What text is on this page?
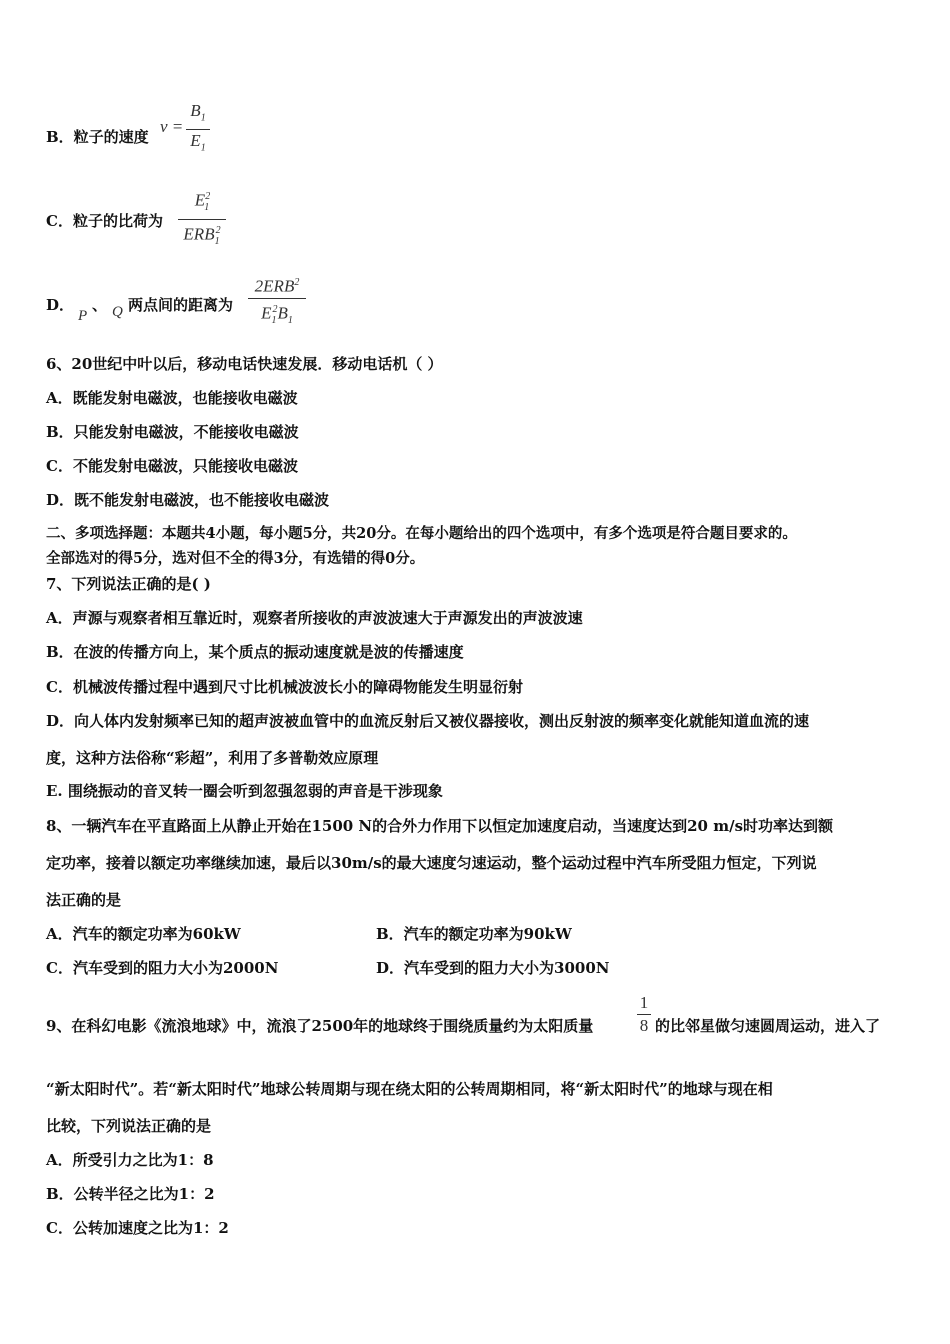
B．粒子的速度
v =
$B_1$
$E_1$
C．粒子的比荷为
$E^2_1$
$ERB_1^2$
D．
P
、 Q 两点间的距离为
2ERB$^2$
$E_1^2B_1$
6、20世纪中叶以后，移动电话快速发展．移动电话机（ ）
A．既能发射电磁波，也能接收电磁波
B．只能发射电磁波，不能接收电磁波
C．不能发射电磁波，只能接收电磁波
D．既不能发射电磁波，也不能接收电磁波
二、多项选择题：本题共4小题，每小题5分，共20分。在每小题给出的四个选项中，有多个选项是符合题目要求的。
全部选对的得5分，选对但不全的得3分，有选错的得0分。
7、下列说法正确的是( )
A．声源与观察者相互靠近时，观察者所接收的声波波速大于声源发出的声波波速
B．在波的传播方向上，某个质点的振动速度就是波的传播速度
C．机械波传播过程中遇到尺寸比机械波波长小的障碍物能发生明显衍射
D．向人体内发射频率已知的超声波被血管中的血流反射后又被仪器接收，测出反射波的频率变化就能知道血流的速
度，这种方法俗称“彩超”，利用了多普勒效应原理
E. 围绕振动的音叉转一圈会听到忽强忽弱的声音是干涉现象
8、一辆汽车在平直路面上从静止开始在1500 N的合外力作用下以恒定加速度启动，当速度达到20 m/s时功率达到额
定功率，接着以额定功率继续加速，最后以30m/s的最大速度匀速运动，整个运动过程中汽车所受阻力恒定，下列说
法正确的是
A．汽车的额定功率为60kW	B．汽车的额定功率为90kW
C．汽车受到的阻力大小为2000N	D．汽车受到的阻力大小为3000N
9、在科幻电影《流浪地球》中，流浪了2500年的地球终于围绕质量约为太阳质量
1
8 的比邻星做匀速圆周运动，进入了
“新太阳时代”。若“新太阳时代”地球公转周期与现在绕太阳的公转周期相同，将“新太阳时代”的地球与现在相
比较，下列说法正确的是
A．所受引力之比为1：8
B．公转半径之比为1：2
C．公转加速度之比为1：2
